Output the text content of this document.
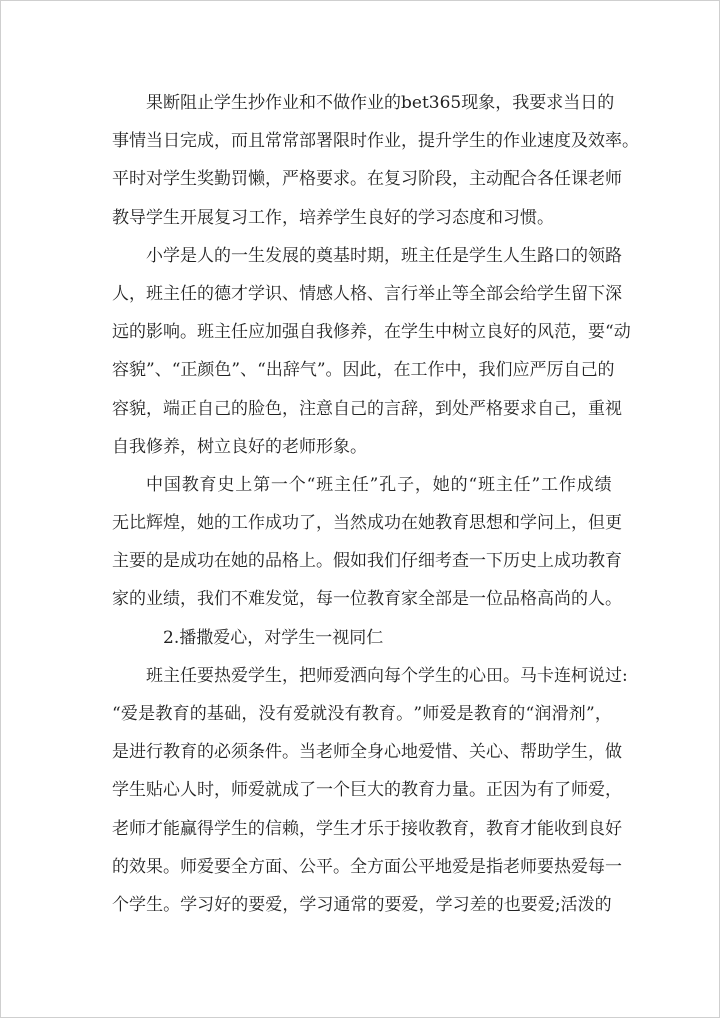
果 断 阻 止 学 生 抄 作 业 和 不 做 作 业 的 bet365 现 象 ， 我 要 求 当 日 的
事 情 当 日 完 成 ， 而 且 常 常 部 署 限 时 作 业 ， 提 升 学 生 的 作 业 速 度 及 效 率 。
平 时 对 学 生 奖 勤 罚 懒 ， 严 格 要 求 。 在 复 习 阶 段 ， 主 动 配 合 各 任 课 老 师
教导学生开展复习工作，培养学生良好的学习态度和习惯。
小 学 是 人 的 一 生 发 展 的 奠 基 时 期 ， 班 主 任 是 学 生 人 生 路 口 的 领 路
人 ， 班 主 任 的 德 才 学 识 、 情 感 人 格 、 言 行 举 止 等 全 部 会 给 学 生 留 下 深
远 的 影 响 。 班 主 任 应 加 强 自 我 修 养 ， 在 学 生 中 树 立 良 好 的 风 范 ， 要 “ 动
容 貌 ” 、 “ 正 颜 色 ” 、 “ 出 辞 气 ” 。 因 此 ， 在 工 作 中 ， 我 们 应 严 厉 自 己 的
容 貌 ， 端 正 自 己 的 脸 色 ， 注 意 自 己 的 言 辞 ， 到 处 严 格 要 求 自 己 ， 重 视
自我修养，树立良好的老师形象。
中 国 教 育 史 上 第 一 个 “ 班 主 任 ” 孔 子 ， 她 的 “ 班 主 任 ” 工 作 成 绩
无 比 辉 煌 ， 她 的 工 作 成 功 了 ， 当 然 成 功 在 她 教 育 思 想 和 学 问 上 ， 但 更
主 要 的 是 成 功 在 她 的 品 格 上 。 假 如 我 们 仔 细 考 查 一 下 历 史 上 成 功 教 育
家 的 业 绩 ， 我 们 不 难 发 觉 ， 每 一 位 教 育 家 全 部 是 一 位 品 格 高 尚 的 人 。
2.播撒爱心，对学生一视同仁
班 主 任 要 热 爱 学 生 ， 把 师 爱 洒 向 每 个 学 生 的 心 田 。 马 卡 连 柯 说 过 :
“ 爱 是 教 育 的 基 础 ， 没 有 爱 就 没 有 教 育 。 ” 师 爱 是 教 育 的 “ 润 滑 剂 ” ，
是 进 行 教 育 的 必 须 条 件 。 当 老 师 全 身 心 地 爱 惜 、 关 心 、 帮 助 学 生 ， 做
学 生 贴 心 人 时 ， 师 爱 就 成 了 一 个 巨 大 的 教 育 力 量 。 正 因 为 有 了 师 爱 ，
老 师 才 能 赢 得 学 生 的 信 赖 ， 学 生 才 乐 于 接 收 教 育 ， 教 育 才 能 收 到 良 好
的 效 果 。 师 爱 要 全 方 面 、 公 平 。 全 方 面 公 平 地 爱 是 指 老 师 要 热 爱 每 一
个 学 生 。 学 习 好 的 要 爱 ， 学 习 通 常 的 要 爱 ， 学 习 差 的 也 要 爱 ; 活 泼 的
